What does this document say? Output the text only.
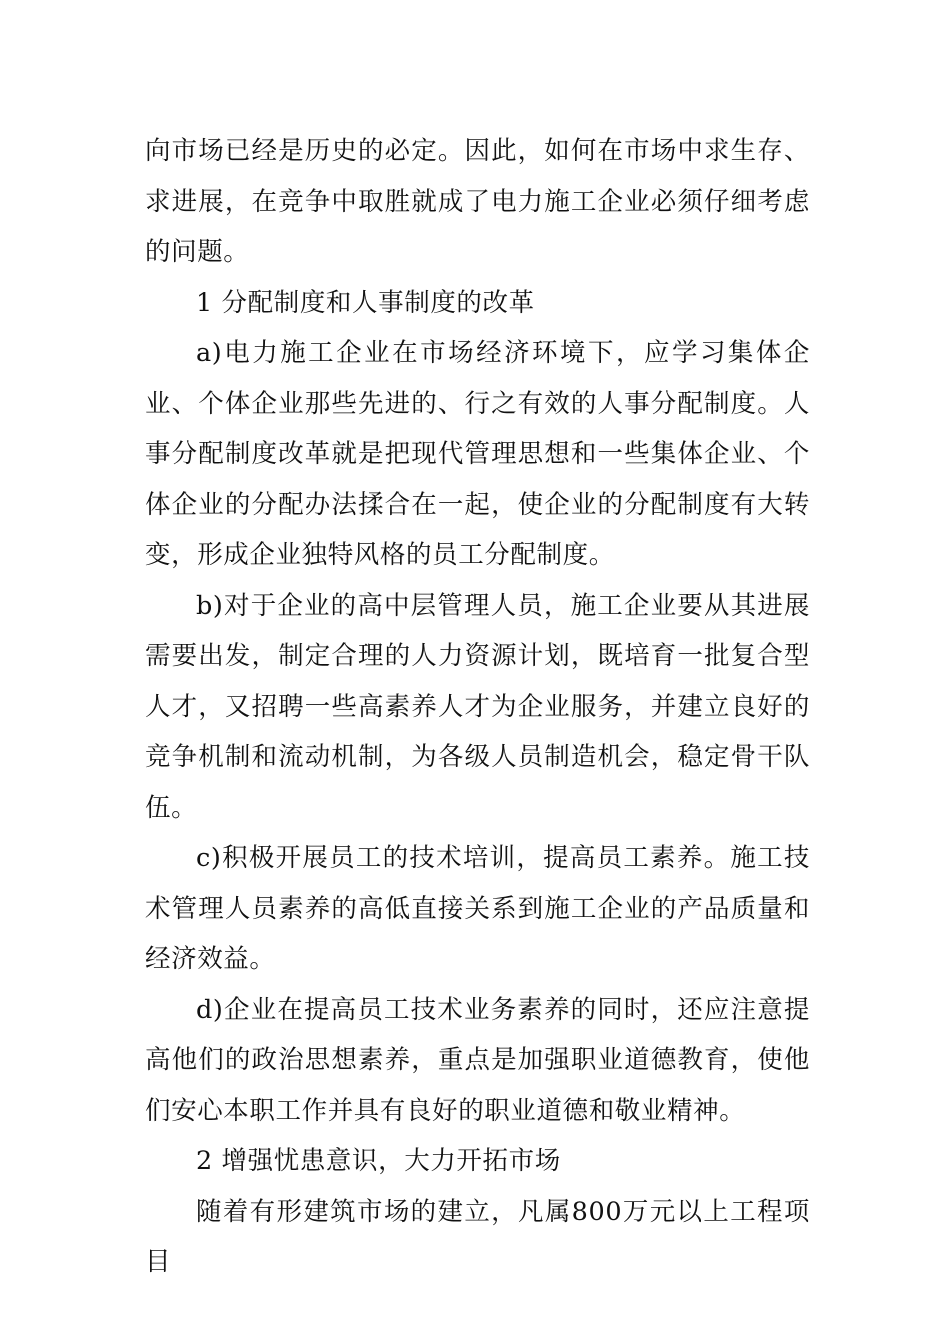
向市场已经是历史的必定。因此，如何在市场中求生存、求进展，在竞争中取胜就成了电力施工企业必须仔细考虑的问题。

1 分配制度和人事制度的改革

a)电力施工企业在市场经济环境下，应学习集体企业、个体企业那些先进的、行之有效的人事分配制度。人事分配制度改革就是把现代管理思想和一些集体企业、个体企业的分配办法揉合在一起，使企业的分配制度有大转变，形成企业独特风格的员工分配制度。

b)对于企业的高中层管理人员，施工企业要从其进展需要出发，制定合理的人力资源计划，既培育一批复合型人才，又招聘一些高素养人才为企业服务，并建立良好的竞争机制和流动机制，为各级人员制造机会，稳定骨干队伍。

c)积极开展员工的技术培训，提高员工素养。施工技术管理人员素养的高低直接关系到施工企业的产品质量和经济效益。

d)企业在提高员工技术业务素养的同时，还应注意提高他们的政治思想素养，重点是加强职业道德教育，使他们安心本职工作并具有良好的职业道德和敬业精神。

2 增强忧患意识，大力开拓市场

随着有形建筑市场的建立，凡属800万元以上工程项目
